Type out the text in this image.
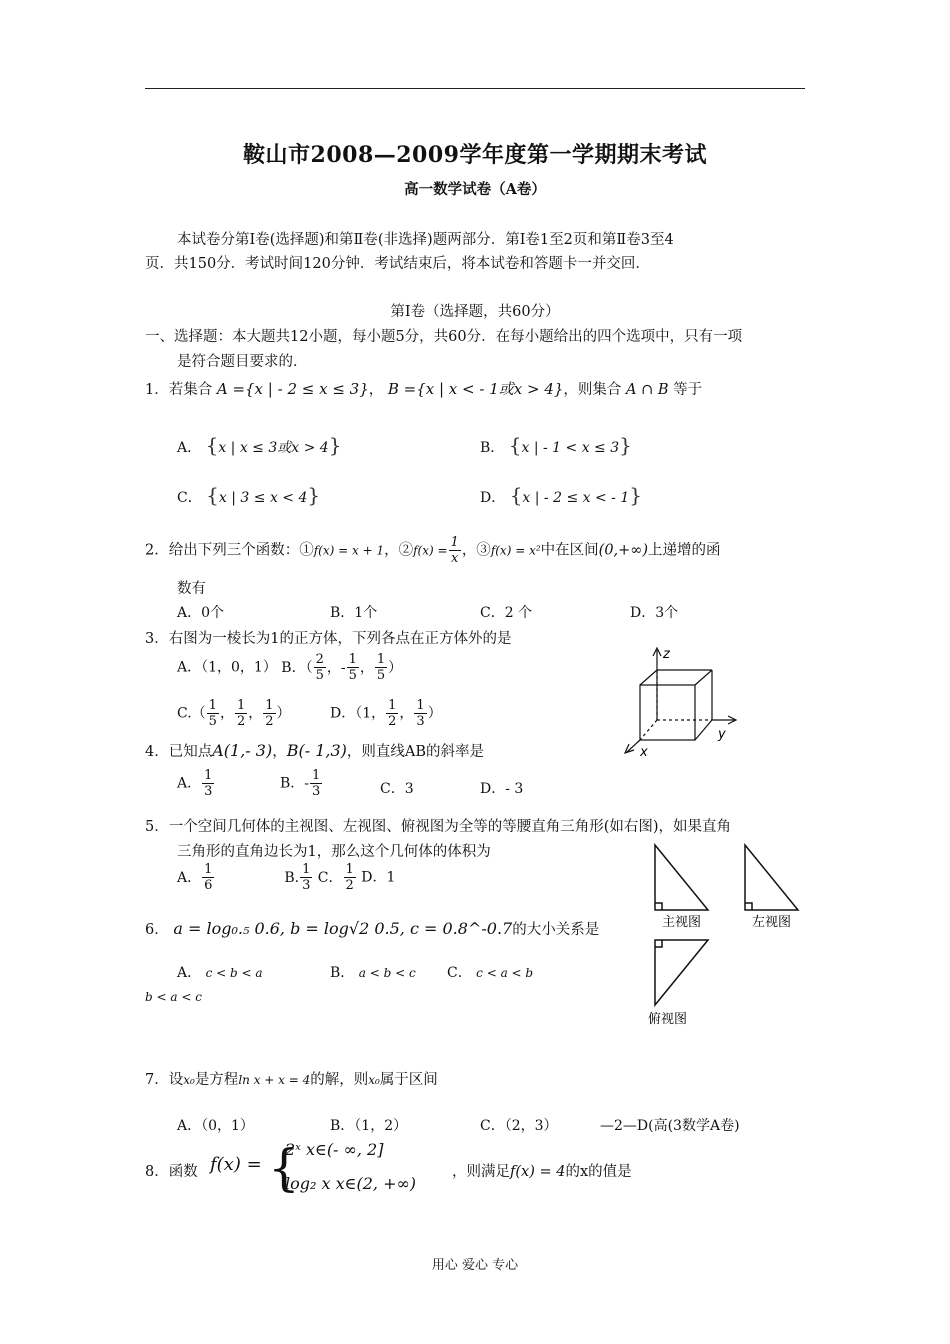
鞍山市2008—2009学年度第一学期期末考试
高一数学试卷（A卷）
本试卷分第Ⅰ卷(选择题)和第Ⅱ卷(非选择)题两部分．第Ⅰ卷1至2页和第Ⅱ卷3至4
页．共150分．考试时间120分钟．考试结束后，将本试卷和答题卡一并交回．
第Ⅰ卷（选择题，共60分）
一、选择题：本大题共12小题，每小题5分，共60分．在每小题给出的四个选项中，只有一项
是符合题目要求的．
1．若集合 A ={x | - 2 ≤ x ≤ 3}， B ={x | x < - 1或x > 4}，则集合 A ∩ B 等于
A． {x | x ≤ 3或x > 4}	B． {x | - 1 < x ≤ 3}
C． {x | 3 ≤ x < 4}	D． {x | - 2 ≤ x < - 1}
2．给出下列三个函数：①f(x) = x + 1，②f(x) = $\frac{1}{x}$ ，③f(x) = x²中在区间(0,+∞)上递增的函
数有
A．0个	B．1个	C．2 个	D．3个
3．右图为一棱长为1的正方体，下列各点在正方体外的是
A．（1，0，1） B．（ $\frac{2}{5}$ ，- $\frac{1}{5}$ ， $\frac{1}{5}$ ）
$C.( \frac{1}{5}$ ， $\frac{1}{2}$ ， $\frac{1}{2}$ ）	D．（1， $\frac{1}{2}$ ， $\frac{1}{3}$ ）
z
y
x
4．已知点A(1,- 3)，B(- 1,3)，则直线AB的斜率是
A． $\frac{1}{3}$	B．- $\frac{1}{3}$	C．3	D．- 3
5．一个空间几何体的主视图、左视图、俯视图为全等的等腰直角三角形(如右图)，如果直角
三角形的直角边长为1，那么这个几何体的体积为
A． $\frac{1}{6}$	B. $\frac{1}{3}$ C． $\frac{1}{2}$ D．1
主视图	左视图
俯视图
6． a = log₀.₅ 0.6, b = log√2 0.5, c = 0.8^-0.7的大小关系是
A． c < b < a	B． a < b < c C． c < a < b
b < a < c
7．设x₀是方程ln x + x = 4的解，则x₀属于区间
A．（0，1）	B．（1，2）	C．（2，3）	—2—D(高(3数学A卷)
8．函数 f(x) = {
2ˣ x∈(- ∞, 2]
log₂ x x∈(2, +∞)
，则满足f(x) = 4的x的值是
用心 爱心 专心
